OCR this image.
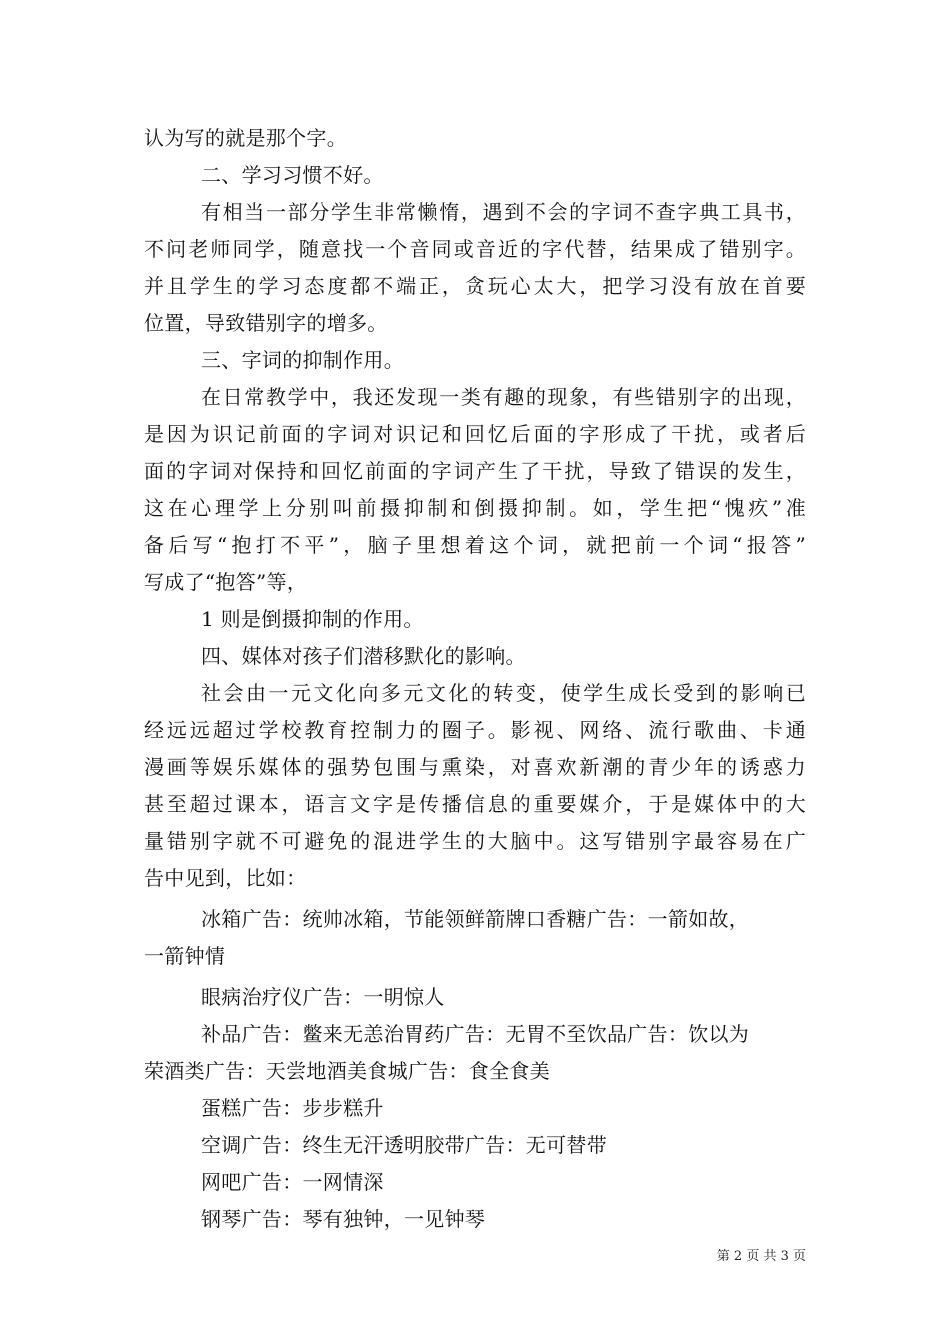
认为写的就是那个字。
二、学习习惯不好。
有相当一部分学生非常懒惰，遇到不会的字词不查字典工具书，
不问老师同学，随意找一个音同或音近的字代替，结果成了错别字。
并且学生的学习态度都不端正，贪玩心太大，把学习没有放在首要
位置，导致错别字的增多。
三、字词的抑制作用。
在日常教学中，我还发现一类有趣的现象，有些错别字的出现，
是因为识记前面的字词对识记和回忆后面的字形成了干扰，或者后
面的字词对保持和回忆前面的字词产生了干扰，导致了错误的发生，
这在心理学上分别叫前摄抑制和倒摄抑制。如，学生把“愧疚”准
备后写“抱打不平”，脑子里想着这个词，就把前一个词“报答”
写成了“抱答”等，
1 则是倒摄抑制的作用。
四、媒体对孩子们潜移默化的影响。
社会由一元文化向多元文化的转变，使学生成长受到的影响已
经远远超过学校教育控制力的圈子。影视、网络、流行歌曲、卡通
漫画等娱乐媒体的强势包围与熏染，对喜欢新潮的青少年的诱惑力
甚至超过课本，语言文字是传播信息的重要媒介，于是媒体中的大
量错别字就不可避免的混进学生的大脑中。这写错别字最容易在广
告中见到，比如：
冰箱广告：统帅冰箱，节能领鲜箭牌口香糖广告：一箭如故，
一箭钟情
眼病治疗仪广告：一明惊人
补品广告：鳖来无恙治胃药广告：无胃不至饮品广告：饮以为
荣酒类广告：天尝地酒美食城广告：食全食美
蛋糕广告：步步糕升
空调广告：终生无汗透明胶带广告：无可替带
网吧广告：一网情深
钢琴广告：琴有独钟，一见钟琴
第 2 页 共 3 页
